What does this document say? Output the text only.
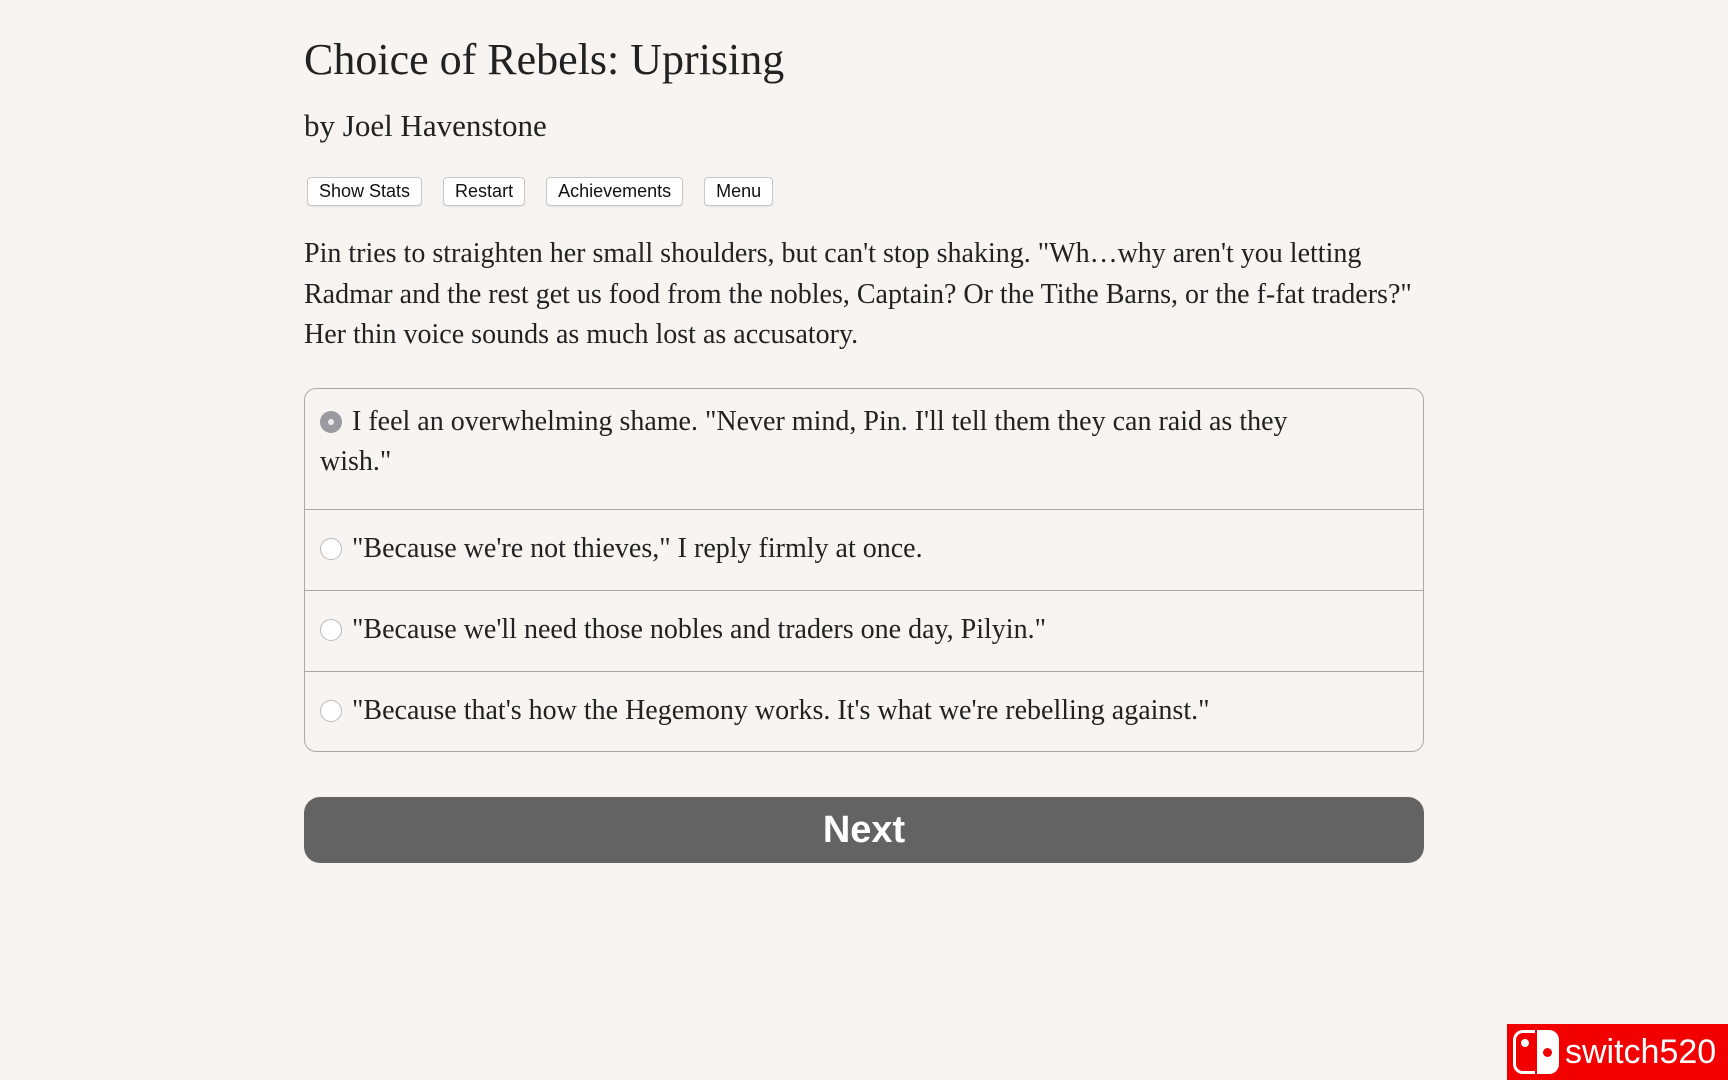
Choice of Rebels: Uprising
by Joel Havenstone
Show Stats	Restart	Achievements	Menu

Pin tries to straighten her small shoulders, but can't stop shaking. "Wh…why aren't you letting Radmar and the rest get us food from the nobles, Captain? Or the Tithe Barns, or the f-fat traders?" Her thin voice sounds as much lost as accusatory.

I feel an overwhelming shame. "Never mind, Pin. I'll tell them they can raid as they wish."
"Because we're not thieves," I reply firmly at once.
"Because we'll need those nobles and traders one day, Pilyin."
"Because that's how the Hegemony works. It's what we're rebelling against."
Next
switch520
